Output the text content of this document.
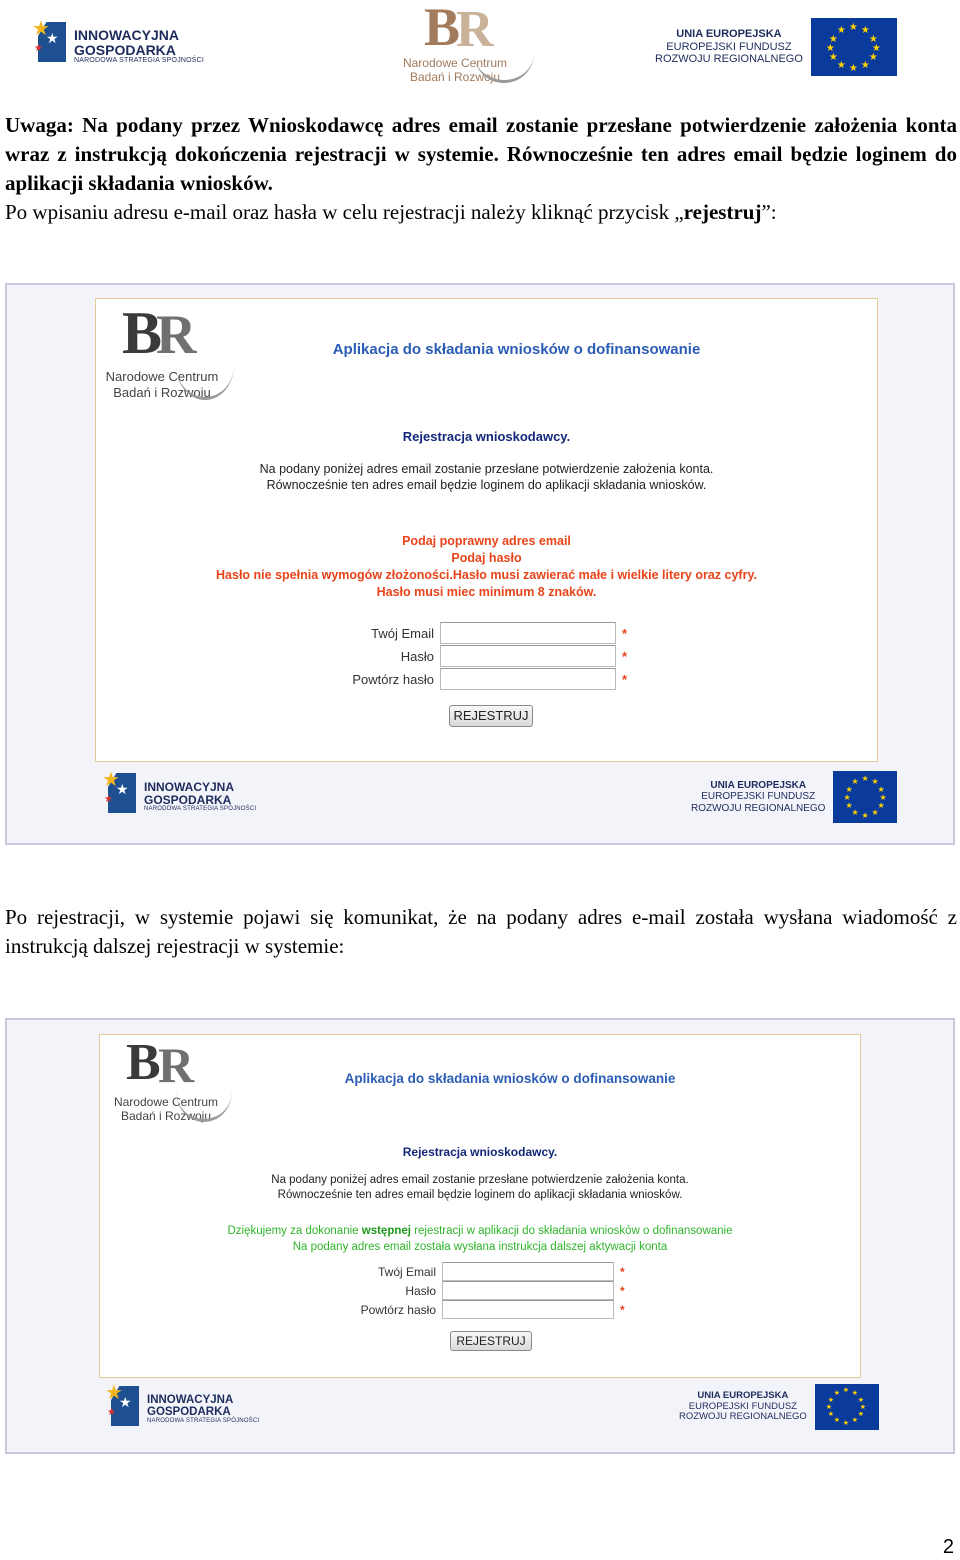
★
★
★
INNOWACYJNA
GOSPODARKA
NARODOWA STRATEGIA SPÓJNOŚCI
B
R
Narodowe Centrum
Badań i Rozwoju
UNIA EUROPEJSKA
EUROPEJSKI FUNDUSZ
ROZWOJU REGIONALNEGO
★ ★
★
★
★
★
★
★
★
★
★
★
Uwaga: Na podany przez Wnioskodawcę adres email zostanie przesłane potwierdzenie założenia konta wraz z instrukcją dokończenia rejestracji w systemie. Równocześnie ten adres email będzie loginem do aplikacji składania wniosków.
Po wpisaniu adresu e-mail oraz hasła w celu rejestracji należy kliknąć przycisk „rejestruj”:
B
R
Narodowe Centrum
Badań i Rozwoju
Aplikacja do składania wniosków o dofinansowanie
Rejestracja wnioskodawcy.
Na podany poniżej adres email zostanie przesłane potwierdzenie założenia konta.
Równocześnie ten adres email będzie loginem do aplikacji składania wniosków.
Podaj poprawny adres email
Podaj hasło
Hasło nie spełnia wymogów złożoności.Hasło musi zawierać małe i wielkie litery oraz cyfry.
Hasło musi miec minimum 8 znaków.
Twój Email	*
Hasło	*
Powtórz hasło	*
REJESTRUJ
★
★
★
INNOWACYJNA
GOSPODARKA
NARODOWA STRATEGIA SPÓJNOŚCI
UNIA EUROPEJSKA
EUROPEJSKI FUNDUSZ
ROZWOJU REGIONALNEGO
★ ★
★
★
★
★
★
★
★
★
★
★
Po rejestracji, w systemie pojawi się komunikat, że na podany adres e-mail została wysłana wiadomość z instrukcją dalszej rejestracji w systemie:
B
R
Narodowe Centrum
Badań i Rozwoju
Aplikacja do składania wniosków o dofinansowanie
Rejestracja wnioskodawcy.
Na podany poniżej adres email zostanie przesłane potwierdzenie założenia konta.
Równocześnie ten adres email będzie loginem do aplikacji składania wniosków.
Dziękujemy za dokonanie wstępnej rejestracji w aplikacji do składania wniosków o dofinansowanie
Na podany adres email została wysłana instrukcja dalszej aktywacji konta
Twój Email	*
Hasło	*
Powtórz hasło	*
REJESTRUJ
★
★
★
INNOWACYJNA
GOSPODARKA
NARODOWA STRATEGIA SPÓJNOŚCI
UNIA EUROPEJSKA
EUROPEJSKI FUNDUSZ
ROZWOJU REGIONALNEGO
★ ★
★
★
★
★
★
★
★
★
★
★
2
